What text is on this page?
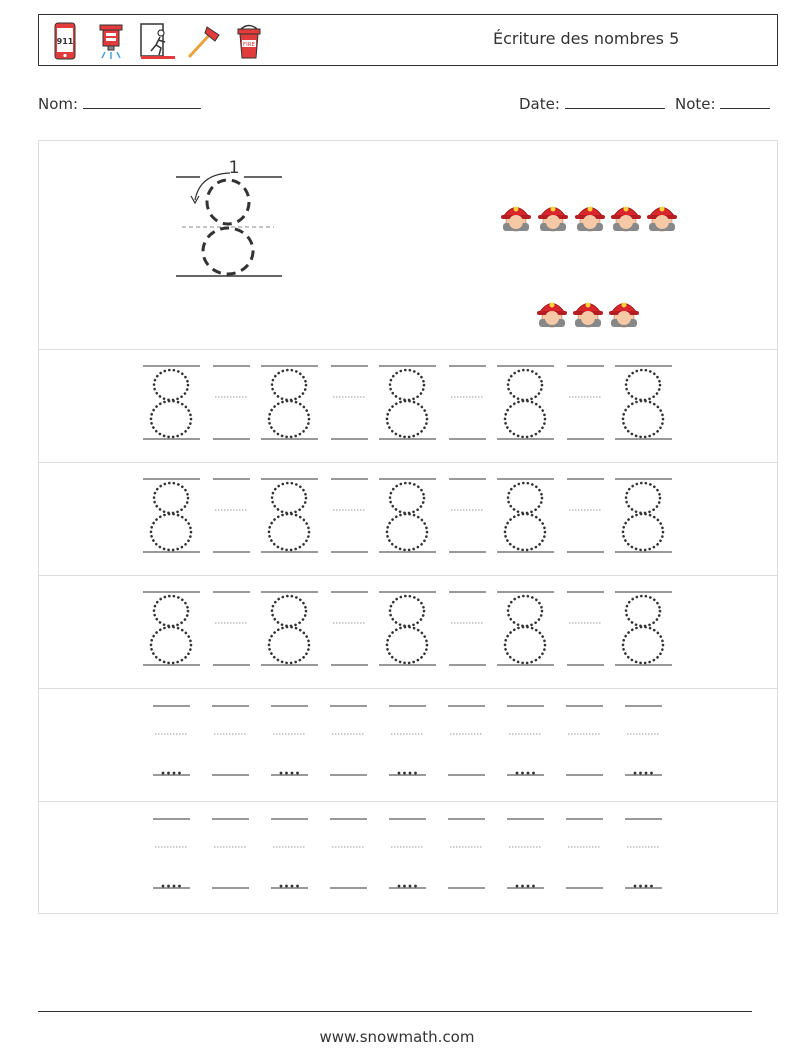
911	FIRE	Écriture des nombres 5
Nom:	Date:	Note:
1
www.snowmath.com
